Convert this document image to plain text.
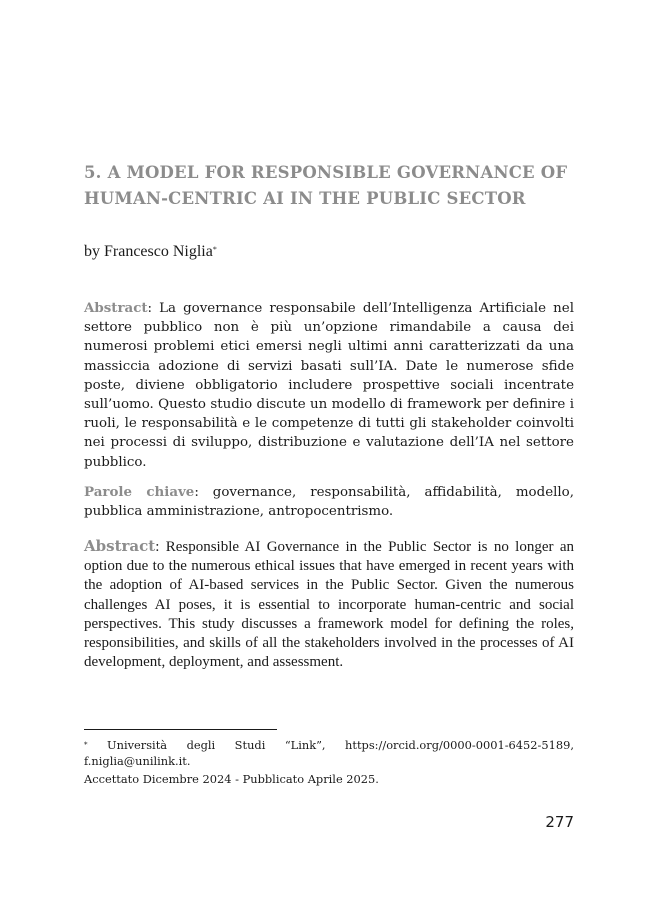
5. A MODEL FOR RESPONSIBLE GOVERNANCE OF HUMAN-CENTRIC AI IN THE PUBLIC SECTOR
by Francesco Niglia*

Abstract: La governance responsabile dell’Intelligenza Artificiale nel settore pubblico non è più un’opzione rimandabile a causa dei numerosi problemi etici emersi negli ultimi anni caratterizzati da una massiccia adozione di servizi basati sull’IA. Date le numerose sfide poste, diviene obbligatorio includere prospettive sociali incentrate sull’uomo. Questo studio discute un modello di framework per definire i ruoli, le responsabilità e le competenze di tutti gli stakeholder coinvolti nei processi di sviluppo, distribuzione e valutazione dell’IA nel settore pubblico.

Parole chiave: governance, responsabilità, affidabilità, modello, pubblica amministrazione, antropocentrismo.

Abstract: Responsible AI Governance in the Public Sector is no longer an option due to the numerous ethical issues that have emerged in recent years with the adoption of AI-based services in the Public Sector. Given the numerous challenges AI poses, it is essential to incorporate human-centric and social perspectives. This study discusses a framework model for defining the roles, responsibilities, and skills of all the stakeholders involved in the processes of AI development, deployment, and assessment.

* Università degli Studi “Link”, https://orcid.org/0000-0001-6452-5189, f.niglia@unilink.it.

Accettato Dicembre 2024 - Pubblicato Aprile 2025.

277
